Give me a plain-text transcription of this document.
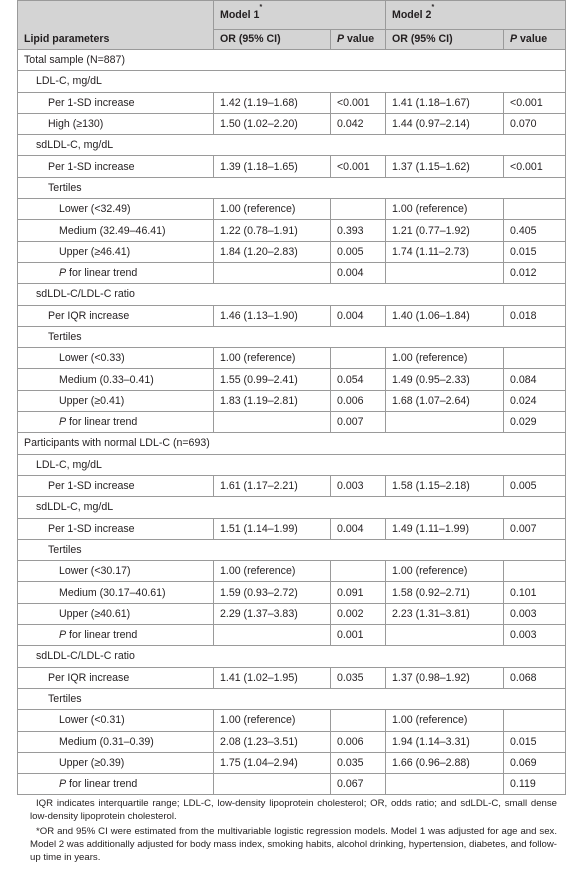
	Model 1*		Model 2*
Lipid parameters	OR (95% CI)	P value	OR (95% CI)	P value
Total sample (N=887)				
LDL-C, mg/dL				
Per 1-SD increase	1.42 (1.19–1.68)	<0.001	1.41 (1.18–1.67)	<0.001
High (≥130)	1.50 (1.02–2.20)	0.042	1.44 (0.97–2.14)	0.070
sdLDL-C, mg/dL				
Per 1-SD increase	1.39 (1.18–1.65)	<0.001	1.37 (1.15–1.62)	<0.001
Tertiles				
Lower (<32.49)	1.00 (reference)		1.00 (reference)	
Medium (32.49–46.41)	1.22 (0.78–1.91)	0.393	1.21 (0.77–1.92)	0.405
Upper (≥46.41)	1.84 (1.20–2.83)	0.005	1.74 (1.11–2.73)	0.015
P for linear trend		0.004		0.012
sdLDL-C/LDL-C ratio				
Per IQR increase	1.46 (1.13–1.90)	0.004	1.40 (1.06–1.84)	0.018
Tertiles				
Lower (<0.33)	1.00 (reference)		1.00 (reference)	
Medium (0.33–0.41)	1.55 (0.99–2.41)	0.054	1.49 (0.95–2.33)	0.084
Upper (≥0.41)	1.83 (1.19–2.81)	0.006	1.68 (1.07–2.64)	0.024
P for linear trend		0.007		0.029
Participants with normal LDL-C (n=693)				
LDL-C, mg/dL				
Per 1-SD increase	1.61 (1.17–2.21)	0.003	1.58 (1.15–2.18)	0.005
sdLDL-C, mg/dL				
Per 1-SD increase	1.51 (1.14–1.99)	0.004	1.49 (1.11–1.99)	0.007
Tertiles				
Lower (<30.17)	1.00 (reference)		1.00 (reference)	
Medium (30.17–40.61)	1.59 (0.93–2.72)	0.091	1.58 (0.92–2.71)	0.101
Upper (≥40.61)	2.29 (1.37–3.83)	0.002	2.23 (1.31–3.81)	0.003
P for linear trend		0.001		0.003
sdLDL-C/LDL-C ratio				
Per IQR increase	1.41 (1.02–1.95)	0.035	1.37 (0.98–1.92)	0.068
Tertiles				
Lower (<0.31)	1.00 (reference)		1.00 (reference)	
Medium (0.31–0.39)	2.08 (1.23–3.51)	0.006	1.94 (1.14–3.31)	0.015
Upper (≥0.39)	1.75 (1.04–2.94)	0.035	1.66 (0.96–2.88)	0.069
P for linear trend		0.067		0.119

IQR indicates interquartile range; LDL-C, low-density lipoprotein cholesterol; OR, odds ratio; and sdLDL-C, small dense low-density lipoprotein cholesterol.

*OR and 95% CI were estimated from the multivariable logistic regression models. Model 1 was adjusted for age and sex. Model 2 was additionally adjusted for body mass index, smoking habits, alcohol drinking, hypertension, diabetes, and follow-up time in years.
